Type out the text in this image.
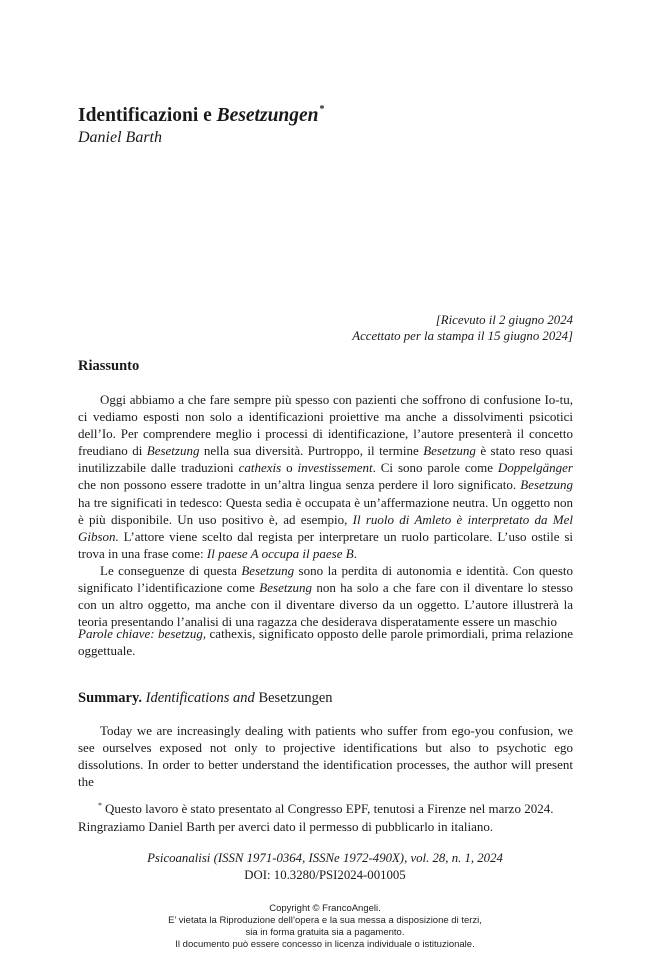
Identificazioni e Besetzungen*
Daniel Barth
[Ricevuto il 2 giugno 2024
Accettato per la stampa il 15 giugno 2024]
Riassunto

Oggi abbiamo a che fare sempre più spesso con pazienti che soffrono di confusione Io-tu, ci vediamo esposti non solo a identificazioni proiettive ma anche a dissolvimenti psicotici dell’Io. Per comprendere meglio i processi di identificazione, l’autore presenterà il concetto freudiano di Besetzung nella sua diversità. Purtroppo, il termine Besetzung è stato reso quasi inutilizzabile dalle traduzioni cathexis o investissement. Ci sono parole come Doppelgänger che non possono essere tradotte in un’altra lingua senza perdere il loro significato. Besetzung ha tre significati in tedesco: Questa sedia è occupata è un’affermazione neutra. Un oggetto non è più disponibile. Un uso positivo è, ad esempio, Il ruolo di Amleto è interpretato da Mel Gibson. L’attore viene scelto dal regista per interpretare un ruolo particolare. L’uso ostile si trova in una frase come: Il paese A occupa il paese B.

Le conseguenze di questa Besetzung sono la perdita di autonomia e identità. Con questo significato l’identificazione come Besetzung non ha solo a che fare con il diventare lo stesso con un altro oggetto, ma anche con il diventare diverso da un oggetto. L’autore illustrerà la teoria presentando l’analisi di una ragazza che desiderava disperatamente essere un maschio

Parole chiave: besetzug, cathexis, significato opposto delle parole primordiali, prima relazione oggettuale.
Summary. Identifications and Besetzungen

Today we are increasingly dealing with patients who suffer from ego-you confusion, we see ourselves exposed not only to projective identifications but also to psychotic ego dissolutions. In order to better understand the identification processes, the author will present the

* Questo lavoro è stato presentato al Congresso EPF, tenutosi a Firenze nel marzo 2024.

Ringraziamo Daniel Barth per averci dato il permesso di pubblicarlo in italiano.
Psicoanalisi (ISSN 1971-0364, ISSNe 1972-490X), vol. 28, n. 1, 2024
DOI: 10.3280/PSI2024-001005
Copyright © FrancoAngeli.
E’ vietata la Riproduzione dell’opera e la sua messa a disposizione di terzi,
sia in forma gratuita sia a pagamento.
Il documento può essere concesso in licenza individuale o istituzionale.
